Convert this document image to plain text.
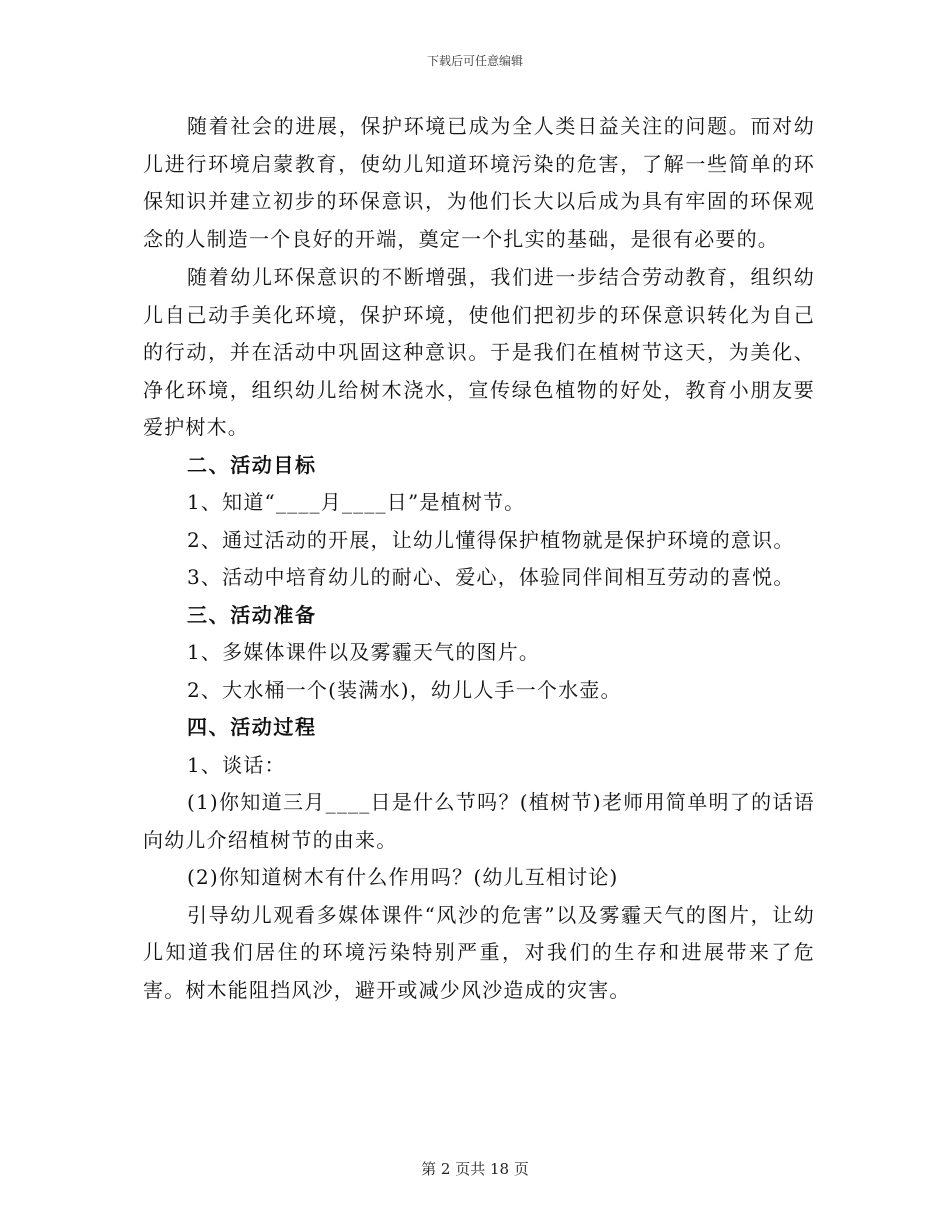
下载后可任意编辑

随着社会的进展，保护环境已成为全人类日益关注的问题。而对幼儿进行环境启蒙教育，使幼儿知道环境污染的危害，了解一些简单的环保知识并建立初步的环保意识，为他们长大以后成为具有牢固的环保观念的人制造一个良好的开端，奠定一个扎实的基础，是很有必要的。

随着幼儿环保意识的不断增强，我们进一步结合劳动教育，组织幼儿自己动手美化环境，保护环境，使他们把初步的环保意识转化为自己的行动，并在活动中巩固这种意识。于是我们在植树节这天，为美化、净化环境，组织幼儿给树木浇水，宣传绿色植物的好处，教育小朋友要爱护树木。

二、活动目标
1、知道“____月____日”是植树节。
2、通过活动的开展，让幼儿懂得保护植物就是保护环境的意识。
3、活动中培育幼儿的耐心、爱心，体验同伴间相互劳动的喜悦。
三、活动准备
1、多媒体课件以及雾霾天气的图片。
2、大水桶一个(装满水)，幼儿人手一个水壶。
四、活动过程
1、谈话：

(1)你知道三月____日是什么节吗？(植树节)老师用简单明了的话语向幼儿介绍植树节的由来。

(2)你知道树木有什么作用吗？(幼儿互相讨论)

引导幼儿观看多媒体课件“风沙的危害”以及雾霾天气的图片，让幼儿知道我们居住的环境污染特别严重，对我们的生存和进展带来了危害。树木能阻挡风沙，避开或减少风沙造成的灾害。

第 2 页共 18 页
